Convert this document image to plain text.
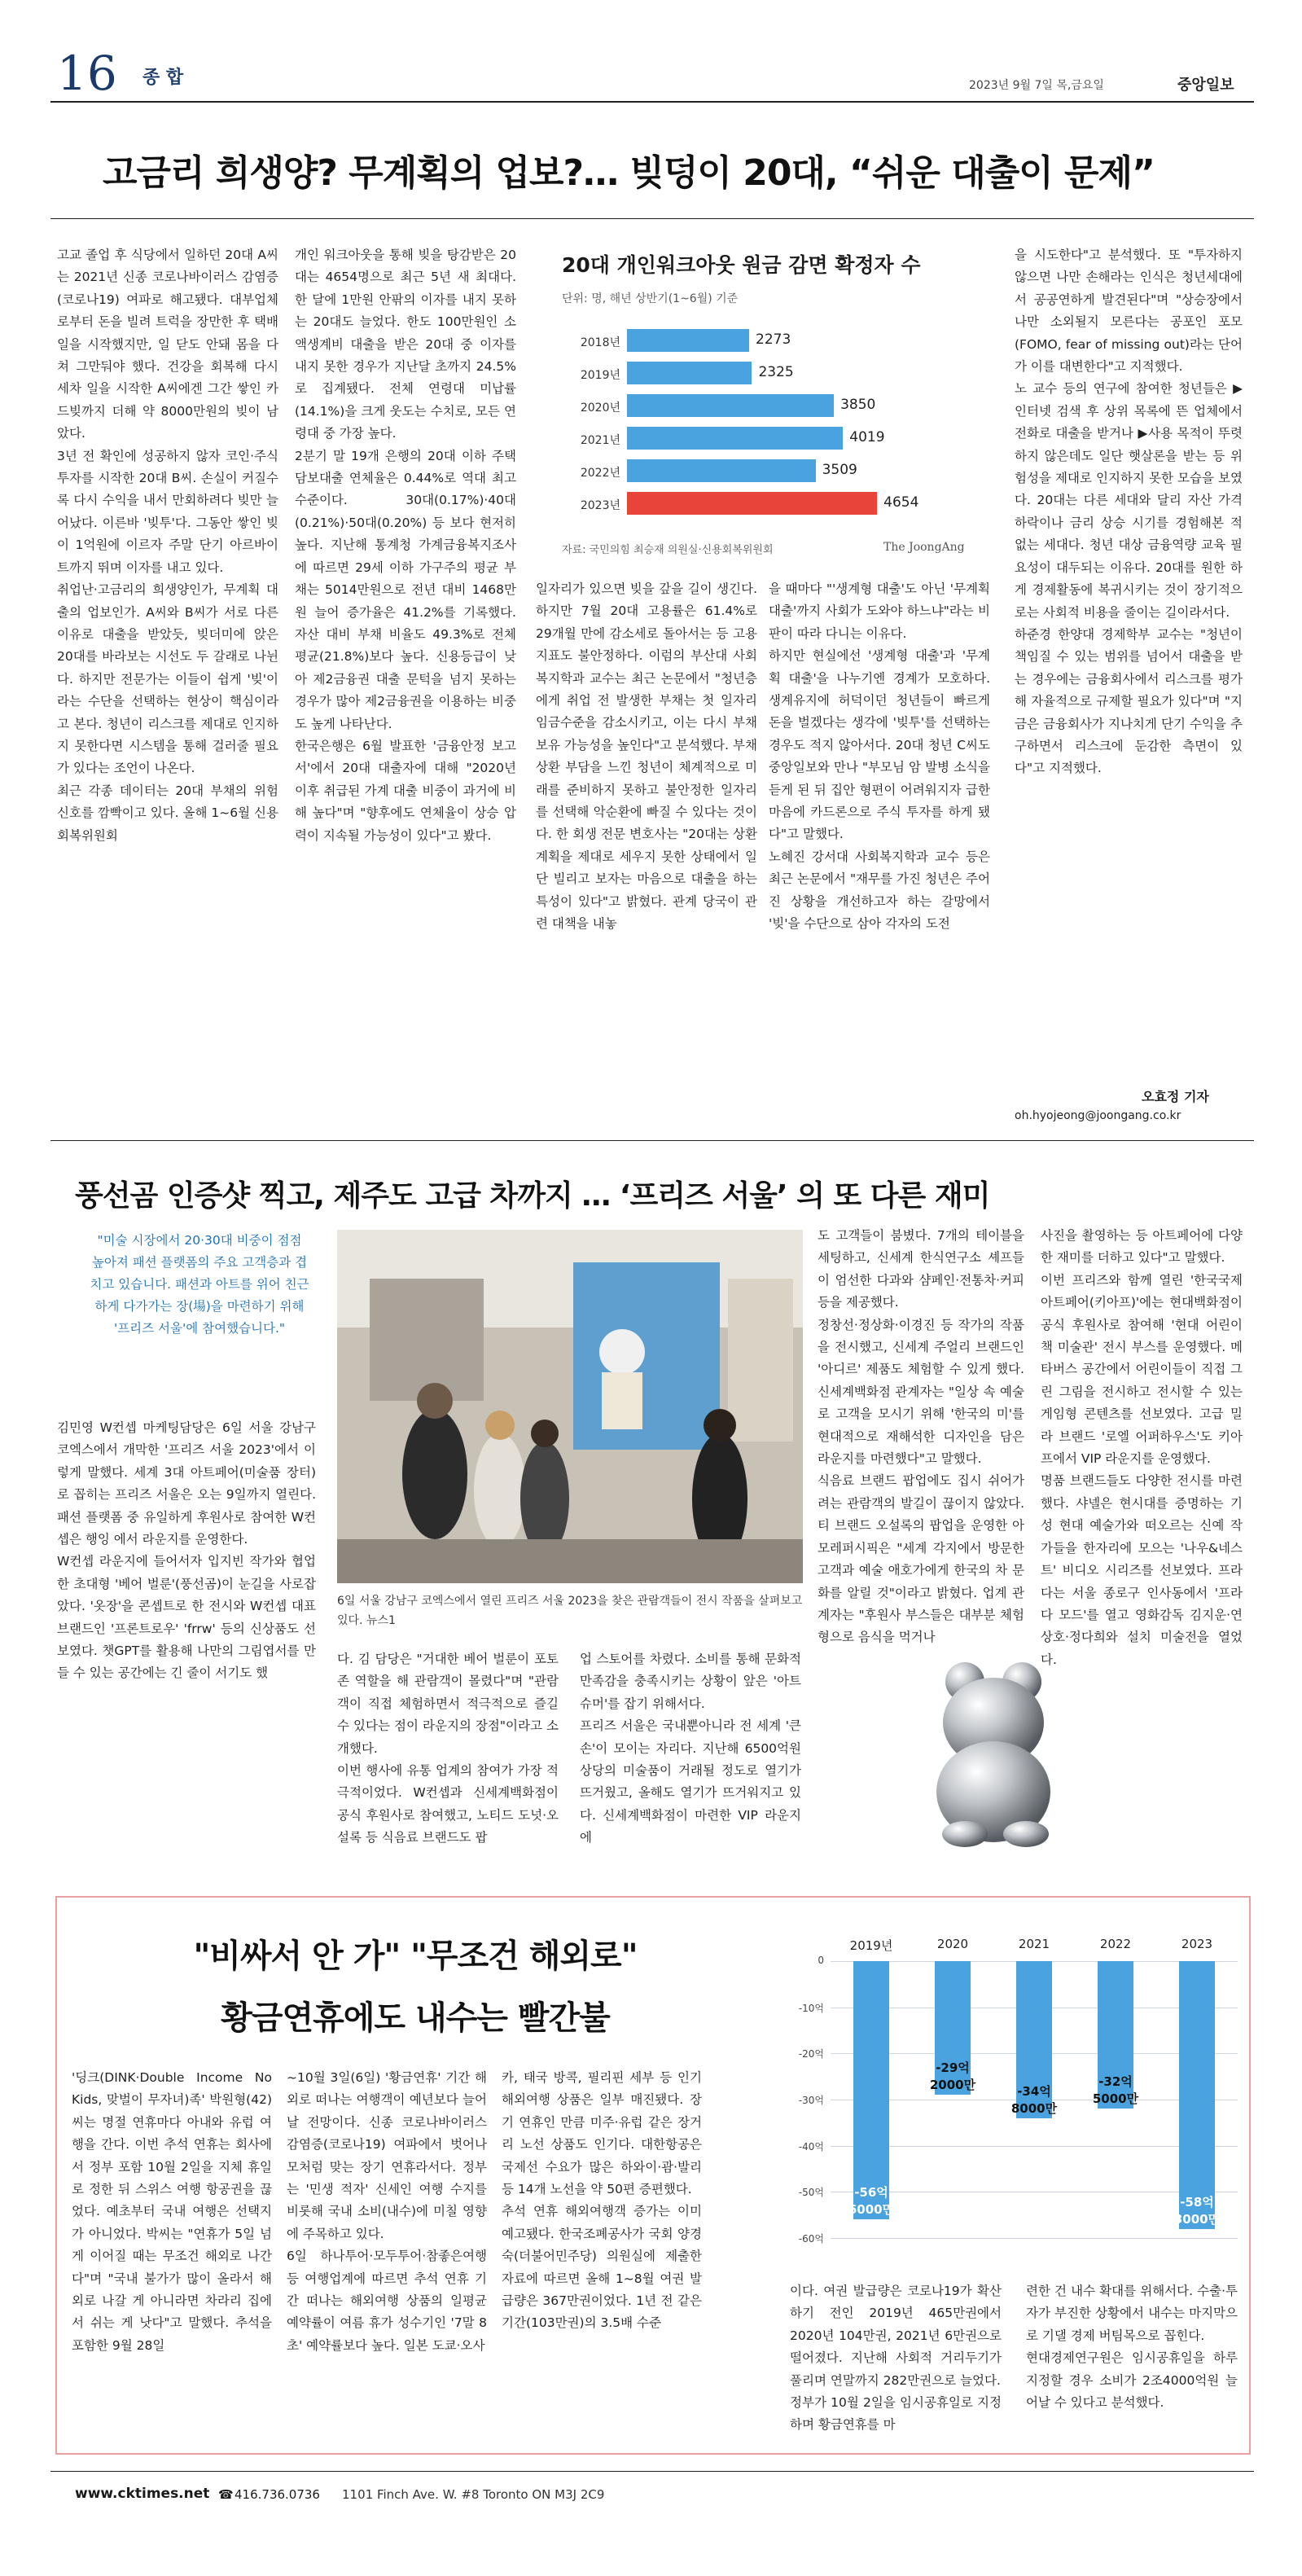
16 종 합	2023년 9월 7일 목,금요일	중앙일보
고금리 희생양? 무계획의 업보?… 빚덩이 20대, “쉬운 대출이 문제”
고교 졸업 후 식당에서 일하던 20대 A씨는 2021년 신종 코로나바이러스 감염증(코로나19) 여파로 해고됐다. 대부업체로부터 돈을 빌려 트럭을 장만한 후 택배 일을 시작했지만, 일 닫도 안돼 몸을 다쳐 그만둬야 했다. 건강을 회복해 다시 세차 일을 시작한 A씨에겐 그간 쌓인 카드빚까지 더해 약 8000만원의 빚이 남았다.
3년 전 확인에 성공하지 않자 코인·주식 투자를 시작한 20대 B씨. 손실이 커질수록 다시 수익을 내서 만회하려다 빚만 늘어났다. 이른바 '빚투'다. 그동안 쌓인 빚이 1억원에 이르자 주말 단기 아르바이트까지 뛰며 이자를 내고 있다.
취업난·고금리의 희생양인가, 무계획 대출의 업보인가. A씨와 B씨가 서로 다른 이유로 대출을 받았듯, 빚더미에 앉은 20대를 바라보는 시선도 두 갈래로 나뉜다. 하지만 전문가는 이들이 쉽게 '빚'이라는 수단을 선택하는 현상이 핵심이라고 본다. 청년이 리스크를 제대로 인지하지 못한다면 시스템을 통해 걸러줄 필요가 있다는 조언이 나온다.
최근 각종 데이터는 20대 부채의 위험 신호를 깜빡이고 있다. 올해 1~6월 신용회복위원회
개인 워크아웃을 통해 빚을 탕감받은 20대는 4654명으로 최근 5년 새 최대다. 한 달에 1만원 안팎의 이자를 내지 못하는 20대도 늘었다. 한도 100만원인 소액생계비 대출을 받은 20대 중 이자를 내지 못한 경우가 지난달 초까지 24.5%로 집계됐다. 전체 연령대 미납률(14.1%)을 크게 웃도는 수치로, 모든 연령대 중 가장 높다.
2분기 말 19개 은행의 20대 이하 주택담보대출 연체율은 0.44%로 역대 최고 수준이다. 30대(0.17%)·40대(0.21%)·50대(0.20%) 등 보다 현저히 높다. 지난해 통계청 가계금융복지조사에 따르면 29세 이하 가구주의 평균 부채는 5014만원으로 전년 대비 1468만원 늘어 증가율은 41.2%를 기록했다. 자산 대비 부채 비율도 49.3%로 전체 평균(21.8%)보다 높다. 신용등급이 낮아 제2금융권 대출 문턱을 넘지 못하는 경우가 많아 제2금융권을 이용하는 비중도 높게 나타난다.
한국은행은 6월 발표한 '금융안정 보고서'에서 20대 대출자에 대해 "2020년 이후 취급된 가계 대출 비중이 과거에 비해 높다"며 "향후에도 연체율이 상승 압력이 지속될 가능성이 있다"고 봤다.
20대 개인워크아웃 원금 감면 확정자 수
단위: 명, 해년 상반기(1~6월) 기준
2018년	2273
2019년	2325
2020년	3850
2021년	4019
2022년	3509
2023년	4654
자료: 국민의힘 최승재 의원실·신용회복위원회	The JoongAng
일자리가 있으면 빚을 갚을 길이 생긴다. 하지만 7월 20대 고용률은 61.4%로 29개월 만에 감소세로 돌아서는 등 고용지표도 불안정하다. 이럼의 부산대 사회복지학과 교수는 최근 논문에서 "청년층에게 취업 전 발생한 부채는 첫 일자리 임금수준을 감소시키고, 이는 다시 부채 보유 가능성을 높인다"고 분석했다. 부채상환 부담을 느낀 청년이 체계적으로 미래를 준비하지 못하고 불안정한 일자리를 선택해 악순환에 빠질 수 있다는 것이다. 한 회생 전문 변호사는 "20대는 상환 계획을 제대로 세우지 못한 상태에서 일단 빌리고 보자는 마음으로 대출을 하는 특성이 있다"고 밝혔다. 관계 당국이 관련 대책을 내놓
을 때마다 "'생계형 대출'도 아닌 '무계획 대출'까지 사회가 도와야 하느냐"라는 비판이 따라 다니는 이유다.
하지만 현실에선 '생계형 대출'과 '무계획 대출'을 나누기엔 경계가 모호하다. 생계유지에 허덕이던 청년들이 빠르게 돈을 벌겠다는 생각에 '빚투'를 선택하는 경우도 적지 않아서다. 20대 청년 C씨도 중앙일보와 만나 "부모님 암 발병 소식을 듣게 된 뒤 집안 형편이 어려워지자 급한 마음에 카드론으로 주식 투자를 하게 됐다"고 말했다.
노혜진 강서대 사회복지학과 교수 등은 최근 논문에서 "재무를 가진 청년은 주어진 상황을 개선하고자 하는 갈망에서 '빚'을 수단으로 삼아 각자의 도전
을 시도한다"고 분석했다. 또 "투자하지 않으면 나만 손해라는 인식은 청년세대에서 공공연하게 발견된다"며 "상승장에서 나만 소외될지 모른다는 공포인 포모(FOMO, fear of missing out)라는 단어가 이를 대변한다"고 지적했다.
노 교수 등의 연구에 참여한 청년들은 ▶인터넷 검색 후 상위 목록에 뜬 업체에서 전화로 대출을 받거나 ▶사용 목적이 뚜렷하지 않은데도 일단 햇살론을 받는 등 위험성을 제대로 인지하지 못한 모습을 보였다. 20대는 다른 세대와 달리 자산 가격 하락이나 금리 상승 시기를 경험해본 적 없는 세대다. 청년 대상 금융역량 교육 필요성이 대두되는 이유다. 20대를 원한 하게 경제활동에 복귀시키는 것이 장기적으로는 사회적 비용을 줄이는 길이라서다.
하준경 한양대 경제학부 교수는 "청년이 책임질 수 있는 범위를 넘어서 대출을 받는 경우에는 금융회사에서 리스크를 평가해 자율적으로 규제할 필요가 있다"며 "지금은 금융회사가 지나치게 단기 수익을 추구하면서 리스크에 둔감한 측면이 있다"고 지적했다.
오효정 기자
oh.hyojeong@joongang.co.kr
풍선곰 인증샷 찍고, 제주도 고급 차까지 … ‘프리즈 서울’ 의 또 다른 재미
"미술 시장에서 20·30대 비중이 점점 높아져 패션 플랫폼의 주요 고객층과 겹치고 있습니다. 패션과 아트를 위어 친근하게 다가가는 장(場)을 마련하기 위해 '프리즈 서울'에 참여했습니다."
김민영 W컨셉 마케팅담당은 6일 서울 강남구 코엑스에서 개막한 '프리즈 서울 2023'에서 이렇게 말했다. 세계 3대 아트페어(미술품 장터)로 꼽히는 프리즈 서울은 오는 9일까지 열린다. 패션 플랫폼 중 유일하게 후원사로 참여한 W컨셉은 행잉 에서 라운지를 운영한다.
W컨셉 라운지에 들어서자 입지빈 작가와 협업한 초대형 '베어 벌룬'(풍선곰)이 눈길을 사로잡았다. '옷장'을 콘셉트로 한 전시와 W컨셉 대표 브랜드인 '프론트로우' 'frrw' 등의 신상품도 선보였다. 챗GPT를 활용해 나만의 그림엽서를 만들 수 있는 공간에는 긴 줄이 서기도 했
6일 서울 강남구 코엑스에서 열린 프리즈 서울 2023을 찾은 관람객들이 전시 작품을 살펴보고 있다. 뉴스1
다. 김 담당은 "거대한 베어 벌룬이 포토존 역할을 해 관람객이 몰렸다"며 "관람객이 직접 체험하면서 적극적으로 즐길 수 있다는 점이 라운지의 장점"이라고 소개했다.
이번 행사에 유통 업계의 참여가 가장 적극적이었다. W컨셉과 신세계백화점이 공식 후원사로 참여했고, 노티드 도넛·오설록 등 식음료 브랜드도 팝
업 스토어를 차렸다. 소비를 통해 문화적 만족감을 충족시키는 상황이 앞은 '아트 슈머'를 잡기 위해서다.
프리즈 서울은 국내뿐아니라 전 세계 '큰 손'이 모이는 자리다. 지난해 6500억원 상당의 미술품이 거래될 정도로 열기가 뜨거웠고, 올해도 열기가 뜨거워지고 있다. 신세계백화점이 마련한 VIP 라운지에
도 고객들이 붐볐다. 7개의 테이블을 세팅하고, 신세계 한식연구소 셰프들이 엄선한 다과와 샴페인·전통차·커피 등을 제공했다.
정창선·정상화·이경진 등 작가의 작품을 전시했고, 신세계 주얼리 브랜드인 '아디르' 제품도 체험할 수 있게 했다. 신세계백화점 관계자는 "일상 속 예술로 고객을 모시기 위해 '한국의 미'를 현대적으로 재해석한 디자인을 담은 라운지를 마련했다"고 말했다.
식음료 브랜드 팝업에도 집시 쉬어가려는 관람객의 발길이 끊이지 않았다. 티 브랜드 오설록의 팝업을 운영한 아모레퍼시픽은 "세계 각지에서 방문한 고객과 예술 애호가에게 한국의 차 문화를 알릴 것"이라고 밝혔다. 업계 관계자는 "후원사 부스들은 대부분 체험형으로 음식을 먹거나
사진을 촬영하는 등 아트페어에 다양한 재미를 더하고 있다"고 말했다.
이번 프리즈와 함께 열린 '한국국제아트페어(키아프)'에는 현대백화점이 공식 후원사로 참여해 '현대 어린이책 미술관' 전시 부스를 운영했다. 메타버스 공간에서 어린이들이 직접 그린 그림을 전시하고 전시할 수 있는 게임형 콘텐츠를 선보였다. 고급 밀라 브랜드 '로엘 어퍼하우스'도 키아프에서 VIP 라운지를 운영했다.
명품 브랜드들도 다양한 전시를 마련했다. 샤넬은 현시대를 증명하는 기성 현대 예술가와 떠오르는 신예 작가들을 한자리에 모으는 '나우&네스트' 비디오 시리즈를 선보였다. 프라다는 서울 종로구 인사동에서 '프라다 모드'를 열고 영화감독 김지운·연상호·정다희와 설치 미술전을 열었다.
"비싸서 안 가" "무조건 해외로"
황금연휴에도 내수는 빨간불
'딩크(DINK·Double Income No Kids, 맞벌이 무자녀)족' 박원형(42)씨는 명절 연휴마다 아내와 유럽 여행을 간다. 이번 추석 연휴는 회사에서 정부 포함 10월 2일을 지체 휴일로 정한 뒤 스위스 여행 항공권을 끊었다. 예초부터 국내 여행은 선택지가 아니었다. 박씨는 "연휴가 5일 넘게 이어질 때는 무조건 해외로 나간다"며 "국내 불가가 많이 올라서 해외로 나갈 게 아니라면 차라리 집에서 쉬는 게 낫다"고 말했다. 추석을 포함한 9월 28일
~10월 3일(6일) '황금연휴' 기간 해외로 떠나는 여행객이 예년보다 늘어날 전망이다. 신종 코로나바이러스 감염증(코로나19) 여파에서 벗어나 모처럼 맞는 장기 연휴라서다. 정부는 '민생 적자' 신세인 여행 수지를 비롯해 국내 소비(내수)에 미칠 영향에 주목하고 있다.
6일 하나투어·모두투어·참좋은여행 등 여행업계에 따르면 추석 연휴 기간 떠나는 해외여행 상품의 일평균 예약률이 여름 휴가 성수기인 '7말 8초' 예약률보다 높다. 일본 도쿄·오사
카, 태국 방콕, 필리핀 세부 등 인기 해외여행 상품은 일부 매진됐다. 장기 연휴인 만큼 미주·유럽 같은 장거리 노선 상품도 인기다. 대한항공은 국제선 수요가 많은 하와이·괌·발리 등 14개 노선을 약 50편 증편했다.
추석 연휴 해외여행객 증가는 이미 예고됐다. 한국조폐공사가 국회 양경숙(더불어민주당) 의원실에 제출한 자료에 따르면 올해 1~8월 여권 발급량은 367만권이었다. 1년 전 같은 기간(103만권)의 3.5배 수준
0
-10억
-20억
-30억
-40억
-50억
-60억
2019년
-56억
6000만
2020
-29억
2000만
2021
-34억
8000만
2022
-32억
5000만
2023
-58억
3000만
이다. 여권 발급량은 코로나19가 확산하기 전인 2019년 465만권에서 2020년 104만권, 2021년 6만권으로 떨어졌다. 지난해 사회적 거리두기가 풀리며 연말까지 282만권으로 늘었다.
정부가 10월 2일을 임시공휴일로 지정하며 황금연휴를 마
련한 건 내수 확대를 위해서다. 수출·투자가 부진한 상황에서 내수는 마지막으로 기댈 경제 버팀목으로 꼽힌다.
현대경제연구원은 임시공휴일을 하루 지정할 경우 소비가 2조4000억원 늘어날 수 있다고 분석했다.
www.cktimes.net ☎ 416.736.0736 1101 Finch Ave. W. #8 Toronto ON M3J 2C9
